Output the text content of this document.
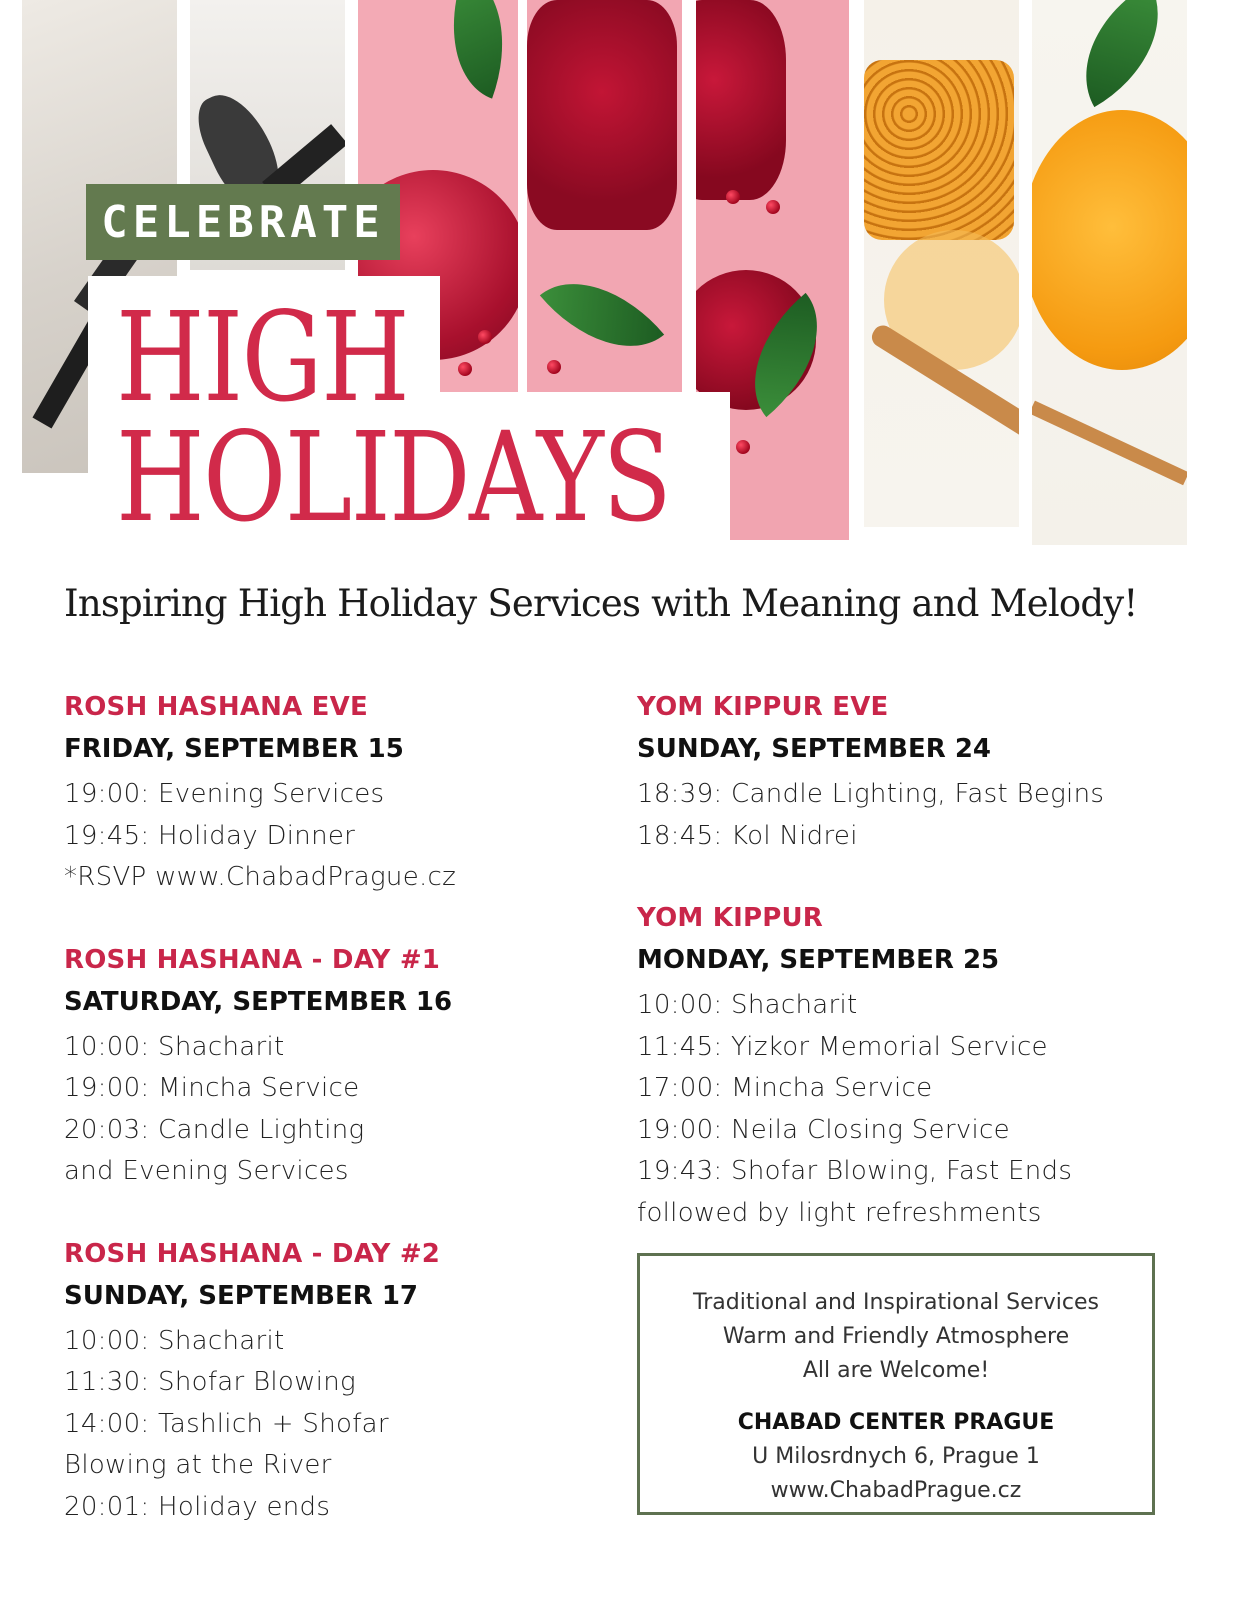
CELEBRATE
HIGH
HOLIDAYS
Inspiring High Holiday Services with Meaning and Melody!
ROSH HASHANA EVE
FRIDAY, SEPTEMBER 15
19:00: Evening Services
19:45: Holiday Dinner
*RSVP www.ChabadPrague.cz
ROSH HASHANA - DAY #1
SATURDAY, SEPTEMBER 16
10:00: Shacharit
19:00: Mincha Service
20:03: Candle Lighting
and Evening Services
ROSH HASHANA - DAY #2
SUNDAY, SEPTEMBER 17
10:00: Shacharit
11:30: Shofar Blowing
14:00: Tashlich + Shofar
Blowing at the River
20:01: Holiday ends
YOM KIPPUR EVE
SUNDAY, SEPTEMBER 24
18:39: Candle Lighting, Fast Begins
18:45: Kol Nidrei
YOM KIPPUR
MONDAY, SEPTEMBER 25
10:00: Shacharit
11:45: Yizkor Memorial Service
17:00: Mincha Service
19:00: Neila Closing Service
19:43: Shofar Blowing, Fast Ends
followed by light refreshments
Traditional and Inspirational Services
Warm and Friendly Atmosphere
All are Welcome!
CHABAD CENTER PRAGUE
U Milosrdnych 6, Prague 1
www.ChabadPrague.cz
